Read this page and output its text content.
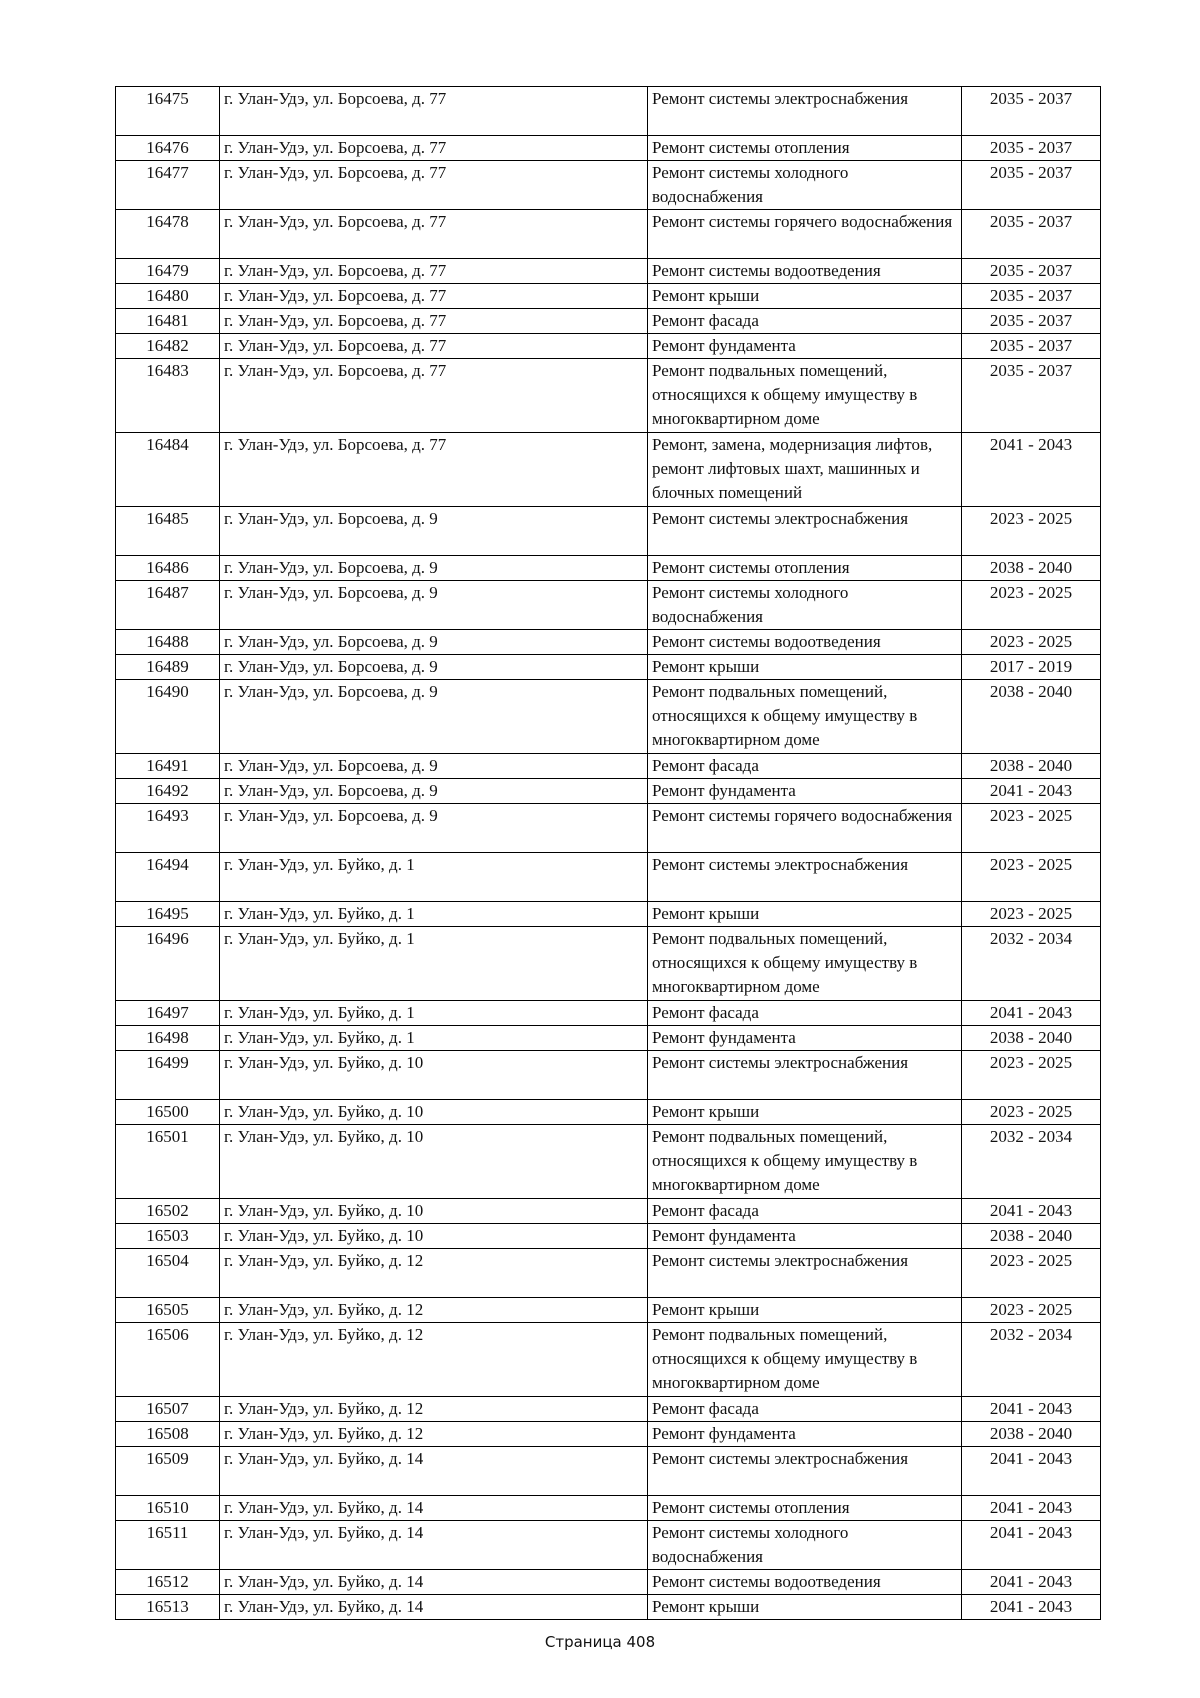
16475	г. Улан-Удэ, ул. Борсоева, д. 77	Ремонт системы электроснабжения	2035 - 2037
16476	г. Улан-Удэ, ул. Борсоева, д. 77	Ремонт системы отопления	2035 - 2037
16477	г. Улан-Удэ, ул. Борсоева, д. 77	Ремонт системы холодного водоснабжения	2035 - 2037
16478	г. Улан-Удэ, ул. Борсоева, д. 77	Ремонт системы горячего водоснабжения	2035 - 2037
16479	г. Улан-Удэ, ул. Борсоева, д. 77	Ремонт системы водоотведения	2035 - 2037
16480	г. Улан-Удэ, ул. Борсоева, д. 77	Ремонт крыши	2035 - 2037
16481	г. Улан-Удэ, ул. Борсоева, д. 77	Ремонт фасада	2035 - 2037
16482	г. Улан-Удэ, ул. Борсоева, д. 77	Ремонт фундамента	2035 - 2037
16483	г. Улан-Удэ, ул. Борсоева, д. 77	Ремонт подвальных помещений, относящихся к общему имуществу в многоквартирном доме	2035 - 2037
16484	г. Улан-Удэ, ул. Борсоева, д. 77	Ремонт, замена, модернизация лифтов, ремонт лифтовых шахт, машинных и блочных помещений	2041 - 2043
16485	г. Улан-Удэ, ул. Борсоева, д. 9	Ремонт системы электроснабжения	2023 - 2025
16486	г. Улан-Удэ, ул. Борсоева, д. 9	Ремонт системы отопления	2038 - 2040
16487	г. Улан-Удэ, ул. Борсоева, д. 9	Ремонт системы холодного водоснабжения	2023 - 2025
16488	г. Улан-Удэ, ул. Борсоева, д. 9	Ремонт системы водоотведения	2023 - 2025
16489	г. Улан-Удэ, ул. Борсоева, д. 9	Ремонт крыши	2017 - 2019
16490	г. Улан-Удэ, ул. Борсоева, д. 9	Ремонт подвальных помещений, относящихся к общему имуществу в многоквартирном доме	2038 - 2040
16491	г. Улан-Удэ, ул. Борсоева, д. 9	Ремонт фасада	2038 - 2040
16492	г. Улан-Удэ, ул. Борсоева, д. 9	Ремонт фундамента	2041 - 2043
16493	г. Улан-Удэ, ул. Борсоева, д. 9	Ремонт системы горячего водоснабжения	2023 - 2025
16494	г. Улан-Удэ, ул. Буйко, д. 1	Ремонт системы электроснабжения	2023 - 2025
16495	г. Улан-Удэ, ул. Буйко, д. 1	Ремонт крыши	2023 - 2025
16496	г. Улан-Удэ, ул. Буйко, д. 1	Ремонт подвальных помещений, относящихся к общему имуществу в многоквартирном доме	2032 - 2034
16497	г. Улан-Удэ, ул. Буйко, д. 1	Ремонт фасада	2041 - 2043
16498	г. Улан-Удэ, ул. Буйко, д. 1	Ремонт фундамента	2038 - 2040
16499	г. Улан-Удэ, ул. Буйко, д. 10	Ремонт системы электроснабжения	2023 - 2025
16500	г. Улан-Удэ, ул. Буйко, д. 10	Ремонт крыши	2023 - 2025
16501	г. Улан-Удэ, ул. Буйко, д. 10	Ремонт подвальных помещений, относящихся к общему имуществу в многоквартирном доме	2032 - 2034
16502	г. Улан-Удэ, ул. Буйко, д. 10	Ремонт фасада	2041 - 2043
16503	г. Улан-Удэ, ул. Буйко, д. 10	Ремонт фундамента	2038 - 2040
16504	г. Улан-Удэ, ул. Буйко, д. 12	Ремонт системы электроснабжения	2023 - 2025
16505	г. Улан-Удэ, ул. Буйко, д. 12	Ремонт крыши	2023 - 2025
16506	г. Улан-Удэ, ул. Буйко, д. 12	Ремонт подвальных помещений, относящихся к общему имуществу в многоквартирном доме	2032 - 2034
16507	г. Улан-Удэ, ул. Буйко, д. 12	Ремонт фасада	2041 - 2043
16508	г. Улан-Удэ, ул. Буйко, д. 12	Ремонт фундамента	2038 - 2040
16509	г. Улан-Удэ, ул. Буйко, д. 14	Ремонт системы электроснабжения	2041 - 2043
16510	г. Улан-Удэ, ул. Буйко, д. 14	Ремонт системы отопления	2041 - 2043
16511	г. Улан-Удэ, ул. Буйко, д. 14	Ремонт системы холодного водоснабжения	2041 - 2043
16512	г. Улан-Удэ, ул. Буйко, д. 14	Ремонт системы водоотведения	2041 - 2043
16513	г. Улан-Удэ, ул. Буйко, д. 14	Ремонт крыши	2041 - 2043
Страница 408
